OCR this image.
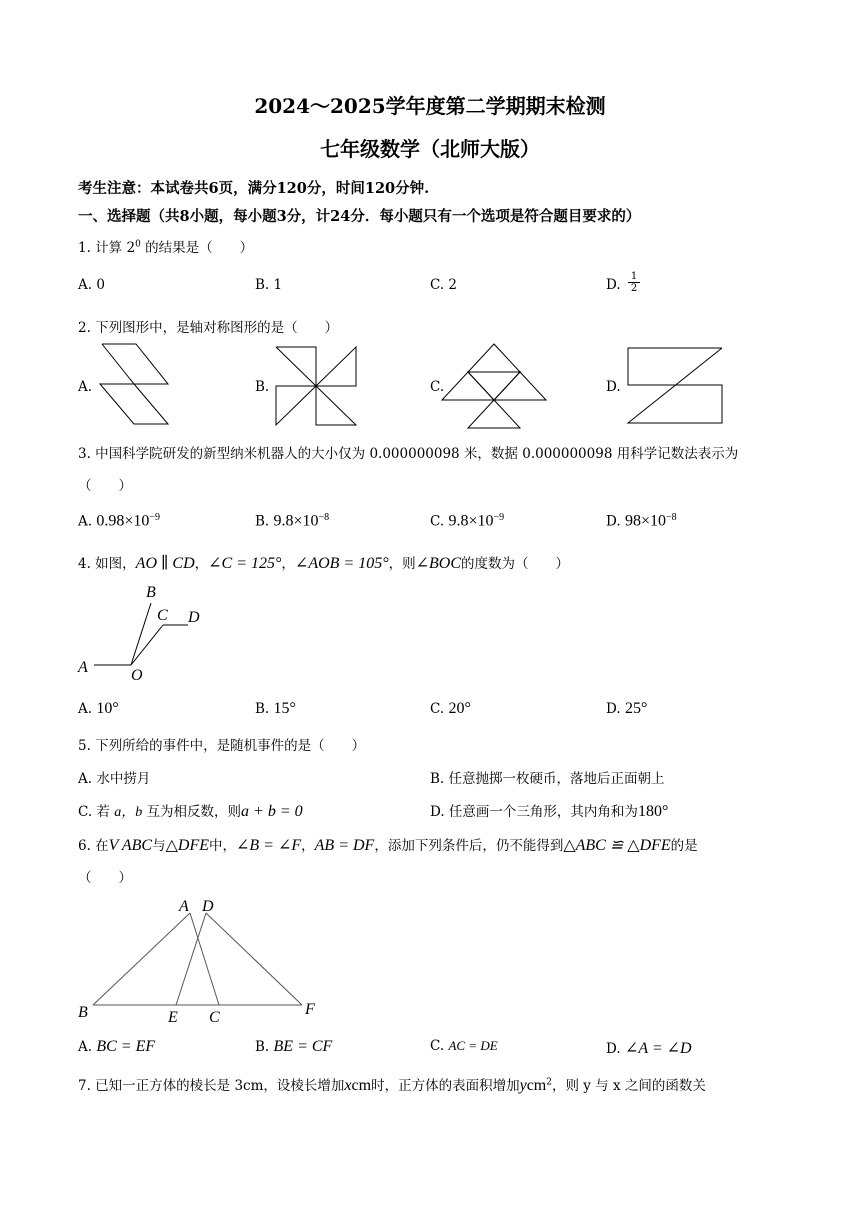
2024～2025学年度第二学期期末检测
七年级数学（北师大版）
考生注意：本试卷共6页，满分120分，时间120分钟.
一、选择题（共8小题，每小题3分，计24分．每小题只有一个选项是符合题目要求的）
1. 计算 $2^0$ 的结果是（　　）
A. 0	B. 1	C. 2	D.
1
2
2. 下列图形中，是轴对称图形的是（　　）
A.	B.	C.	D.
A
B
C D
O
A D
B	E C	F
3. 中国科学院研发的新型纳米机器人的大小仅为 0.000000098 米，数据 0.000000098 用科学记数法表示为
（　　）
A. $0.98\times 10^{-9}$	B. $9.8\times 10^{-8}$	C. $9.8\times 10^{-9}$	D. $98\times 10^{-8}$
4. 如图，AO ∥ CD，∠C = 125°，∠AOB = 105°，则∠BOC的度数为（　　）
A. 10°	B. 15°	C. 20°	D. 25°
5. 下列所给的事件中，是随机事件的是（　　）
A. 水中捞月	B. 任意抛掷一枚硬币，落地后正面朝上
C. 若 a，b 互为相反数，则a + b = 0	D. 任意画一个三角形，其内角和为180°
6. 在V ABC与△DFE中，∠B = ∠F，AB = DF，添加下列条件后，仍不能得到△ABC ≌ △DFE的是
（　　）
A. BC = EF	B. BE = CF	C. AC = DE	D. ∠A = ∠D
7. 已知一正方体的棱长是 3cm，设棱长增加xcm时，正方体的表面积增加ycm$^2$，则 y 与 x 之间的函数关
